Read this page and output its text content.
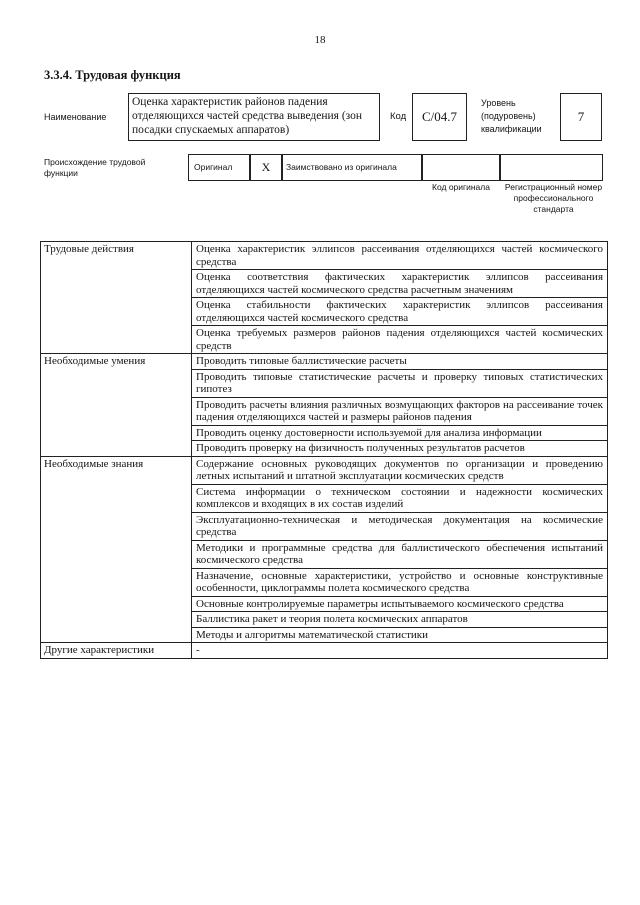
18
3.3.4. Трудовая функция
Наименование
Оценка характеристик районов падения отделяющихся частей средства выведения (зон посадки спускаемых аппаратов)
Код	С/04.7
Уровень (подуровень) квалификации
7
Происхождение трудовой функции
Оригинал	X	Заимствовано из оригинала
Код оригинала	Регистрационный номер профессионального стандарта
Трудовые действия	Оценка характеристик эллипсов рассеивания отделяющихся частей космического средства
	Оценка соответствия фактических характеристик эллипсов рассеивания отделяющихся частей космического средства расчетным значениям
	Оценка стабильности фактических характеристик эллипсов рассеивания отделяющихся частей космического средства
	Оценка требуемых размеров районов падения отделяющихся частей космических средств
Необходимые умения	Проводить типовые баллистические расчеты
	Проводить типовые статистические расчеты и проверку типовых статистических гипотез
	Проводить расчеты влияния различных возмущающих факторов на рассеивание точек падения отделяющихся частей и размеры районов падения
	Проводить оценку достоверности используемой для анализа информации
	Проводить проверку на физичность полученных результатов расчетов
Необходимые знания	Содержание основных руководящих документов по организации и проведению летных испытаний и штатной эксплуатации космических средств
	Система информации о техническом состоянии и надежности космических комплексов и входящих в их состав изделий
	Эксплуатационно-техническая и методическая документация на космические средства
	Методики и программные средства для баллистического обеспечения испытаний космического средства
	Назначение, основные характеристики, устройство и основные конструктивные особенности, циклограммы полета космического средства
	Основные контролируемые параметры испытываемого космического средства
	Баллистика ракет и теория полета космических аппаратов
	Методы и алгоритмы математической статистики
Другие характеристики	-
